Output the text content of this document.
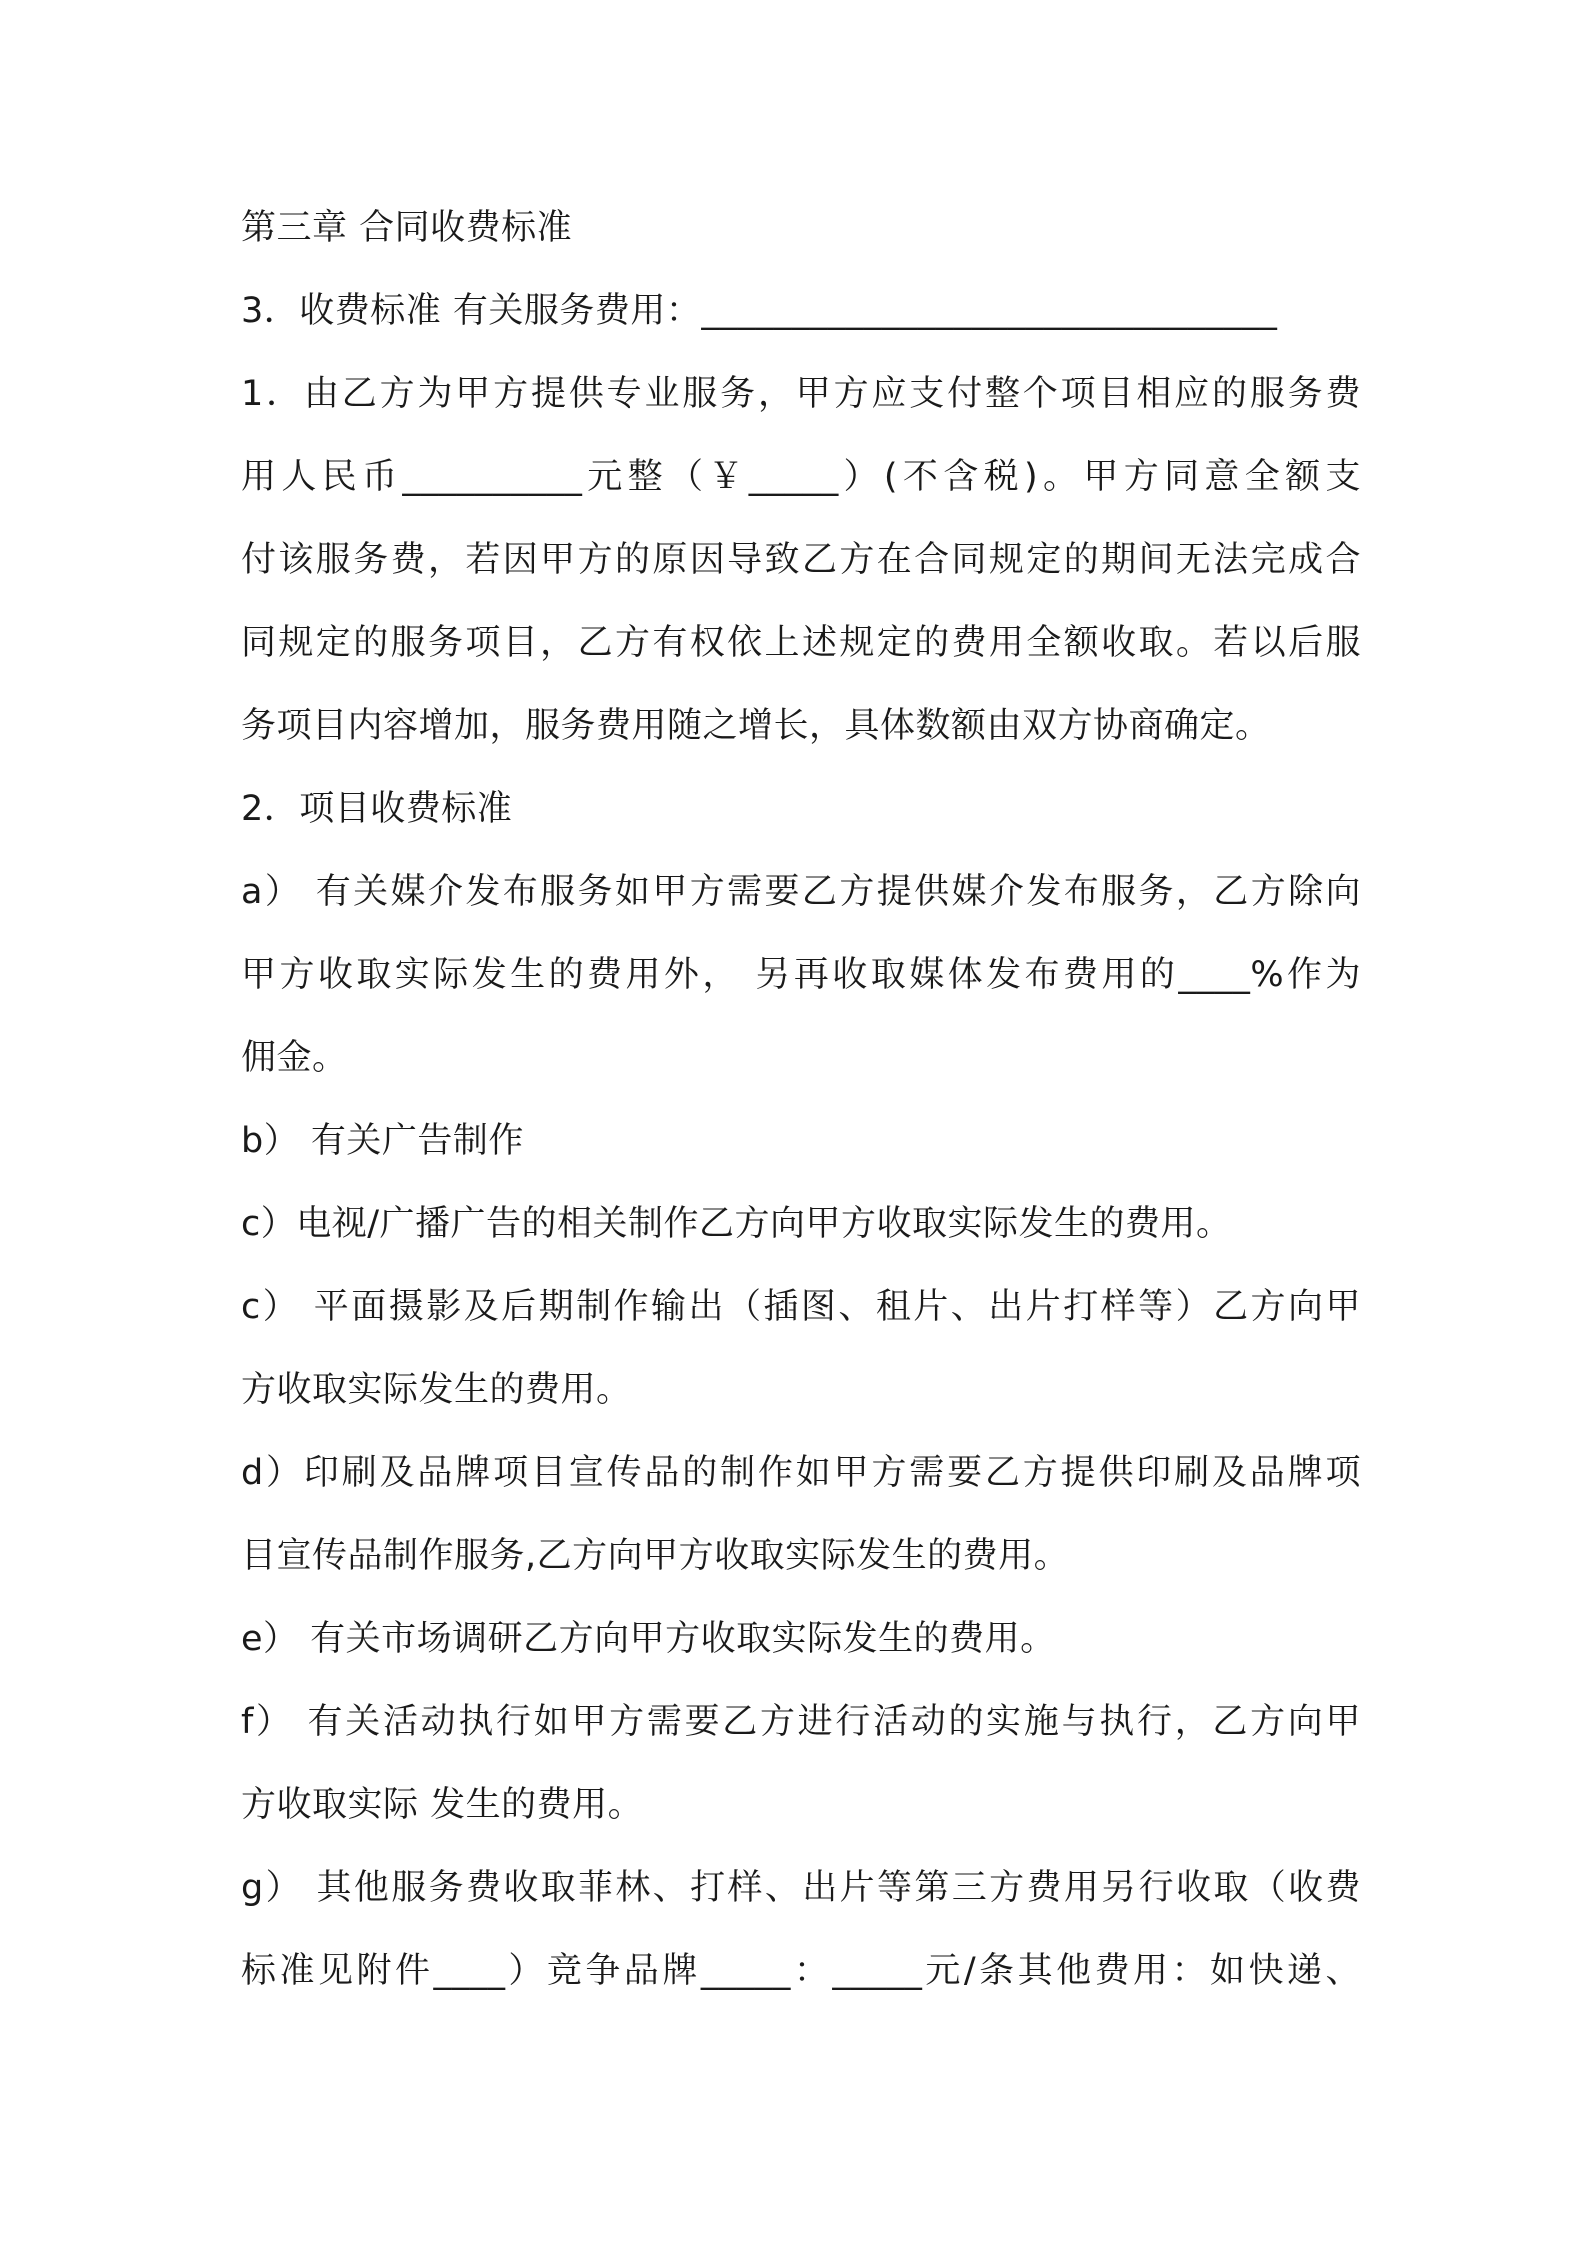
第三章 合同收费标准
3．收费标准 有关服务费用：________________________________
1．由乙方为甲方提供专业服务，甲方应支付整个项目相应的服务费
用人民币__________元整（￥_____）(不含税)。甲方同意全额支
付该服务费，若因甲方的原因导致乙方在合同规定的期间无法完成合
同规定的服务项目，乙方有权依上述规定的费用全额收取。若以后服
务项目内容增加，服务费用随之增长，具体数额由双方协商确定。
2．项目收费标准
a） 有关媒介发布服务如甲方需要乙方提供媒介发布服务，乙方除向
甲方收取实际发生的费用外， 另再收取媒体发布费用的____%作为
佣金。
b） 有关广告制作
c）电视/广播广告的相关制作乙方向甲方收取实际发生的费用。
c） 平面摄影及后期制作输出（插图、租片、出片打样等）乙方向甲
方收取实际发生的费用。
d）印刷及品牌项目宣传品的制作如甲方需要乙方提供印刷及品牌项
目宣传品制作服务,乙方向甲方收取实际发生的费用。
e） 有关市场调研乙方向甲方收取实际发生的费用。
f） 有关活动执行如甲方需要乙方进行活动的实施与执行，乙方向甲
方收取实际 发生的费用。
g） 其他服务费收取菲林、打样、出片等第三方费用另行收取（收费
标准见附件____）竞争品牌_____：_____元/条其他费用：如快递、
